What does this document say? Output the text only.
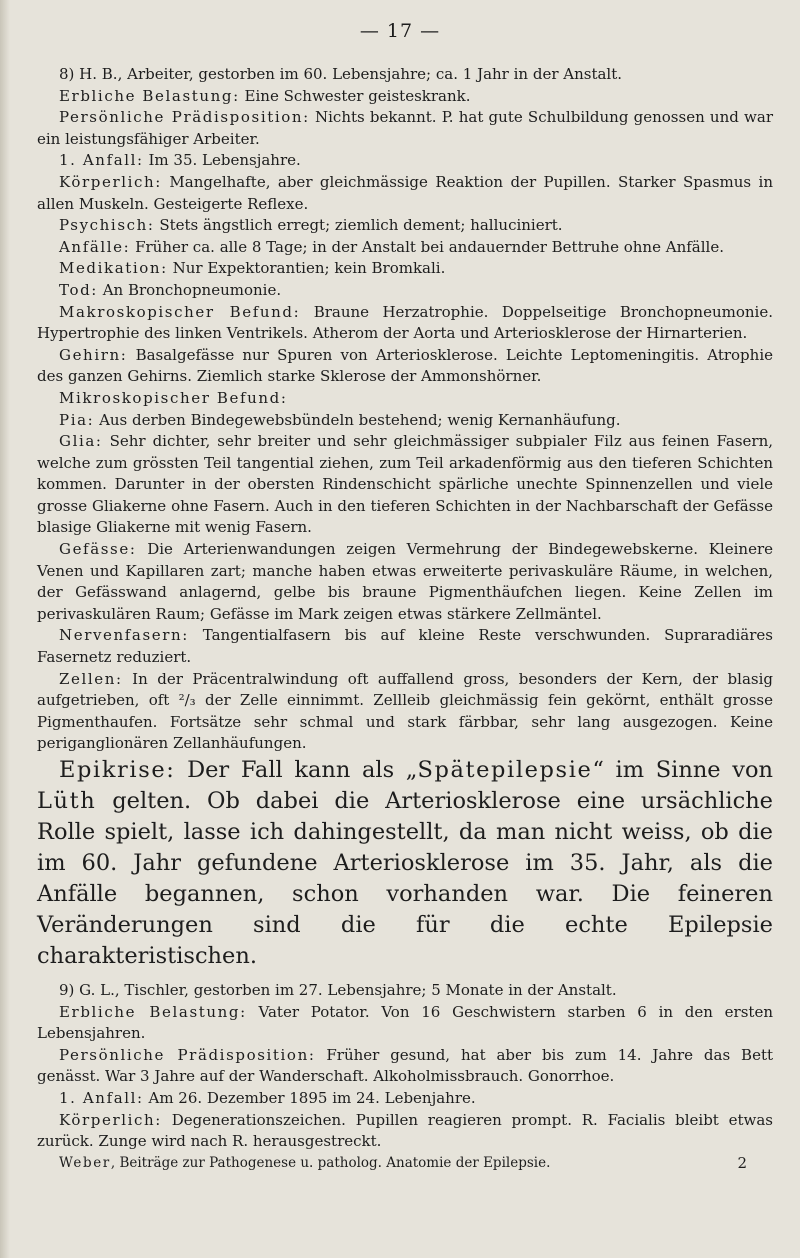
— 17 —

8) H. B., Arbeiter, gestorben im 60. Lebensjahre; ca. 1 Jahr in der Anstalt.

Erbliche Belastung: Eine Schwester geisteskrank.

Persönliche Prädisposition: Nichts bekannt. P. hat gute Schulbildung genossen und war ein leistungsfähiger Arbeiter.

1. Anfall: Im 35. Lebensjahre.

Körperlich: Mangelhafte, aber gleichmässige Reaktion der Pupillen. Starker Spasmus in allen Muskeln. Gesteigerte Reflexe.

Psychisch: Stets ängstlich erregt; ziemlich dement; halluciniert.

Anfälle: Früher ca. alle 8 Tage; in der Anstalt bei andauernder Bettruhe ohne Anfälle.

Medikation: Nur Expektorantien; kein Bromkali.

Tod: An Bronchopneumonie.

Makroskopischer Befund: Braune Herzatrophie. Doppelseitige Bronchopneumonie. Hypertrophie des linken Ventrikels. Atherom der Aorta und Arteriosklerose der Hirnarterien.

Gehirn: Basalgefässe nur Spuren von Arteriosklerose. Leichte Leptomeningitis. Atrophie des ganzen Gehirns. Ziemlich starke Sklerose der Ammonshörner.

Mikroskopischer Befund:

Pia: Aus derben Bindegewebsbündeln bestehend; wenig Kernanhäufung.

Glia: Sehr dichter, sehr breiter und sehr gleichmässiger subpialer Filz aus feinen Fasern, welche zum grössten Teil tangential ziehen, zum Teil arkadenförmig aus den tieferen Schichten kommen. Darunter in der obersten Rindenschicht spärliche unechte Spinnenzellen und viele grosse Gliakerne ohne Fasern. Auch in den tieferen Schichten in der Nachbarschaft der Gefässe blasige Gliakerne mit wenig Fasern.

Gefässe: Die Arterienwandungen zeigen Vermehrung der Bindegewebskerne. Kleinere Venen und Kapillaren zart; manche haben etwas erweiterte perivaskuläre Räume, in welchen, der Gefässwand anlagernd, gelbe bis braune Pigmenthäufchen liegen. Keine Zellen im perivaskulären Raum; Gefässe im Mark zeigen etwas stärkere Zellmäntel.

Nervenfasern: Tangentialfasern bis auf kleine Reste verschwunden. Supraradiäres Fasernetz reduziert.

Zellen: In der Präcentralwindung oft auffallend gross, besonders der Kern, der blasig aufgetrieben, oft ²/₃ der Zelle einnimmt. Zellleib gleichmässig fein gekörnt, enthält grosse Pigmenthaufen. Fortsätze sehr schmal und stark färbbar, sehr lang ausgezogen. Keine periganglionären Zellanhäufungen.

Epikrise: Der Fall kann als „Spätepilepsie“ im Sinne von Lüth gelten. Ob dabei die Arteriosklerose eine ursächliche Rolle spielt, lasse ich dahingestellt, da man nicht weiss, ob die im 60. Jahr gefundene Arteriosklerose im 35. Jahr, als die Anfälle begannen, schon vorhanden war. Die feineren Veränderungen sind die für die echte Epilepsie charakteristischen.

9) G. L., Tischler, gestorben im 27. Lebensjahre; 5 Monate in der Anstalt.

Erbliche Belastung: Vater Potator. Von 16 Geschwistern starben 6 in den ersten Lebensjahren.

Persönliche Prädisposition: Früher gesund, hat aber bis zum 14. Jahre das Bett genässt. War 3 Jahre auf der Wanderschaft. Alkoholmissbrauch. Gonorrhoe.

1. Anfall: Am 26. Dezember 1895 im 24. Lebenjahre.

Körperlich: Degenerationszeichen. Pupillen reagieren prompt. R. Facialis bleibt etwas zurück. Zunge wird nach R. herausgestreckt.

Weber, Beiträge zur Pathogenese u. patholog. Anatomie der Epilepsie.	2
